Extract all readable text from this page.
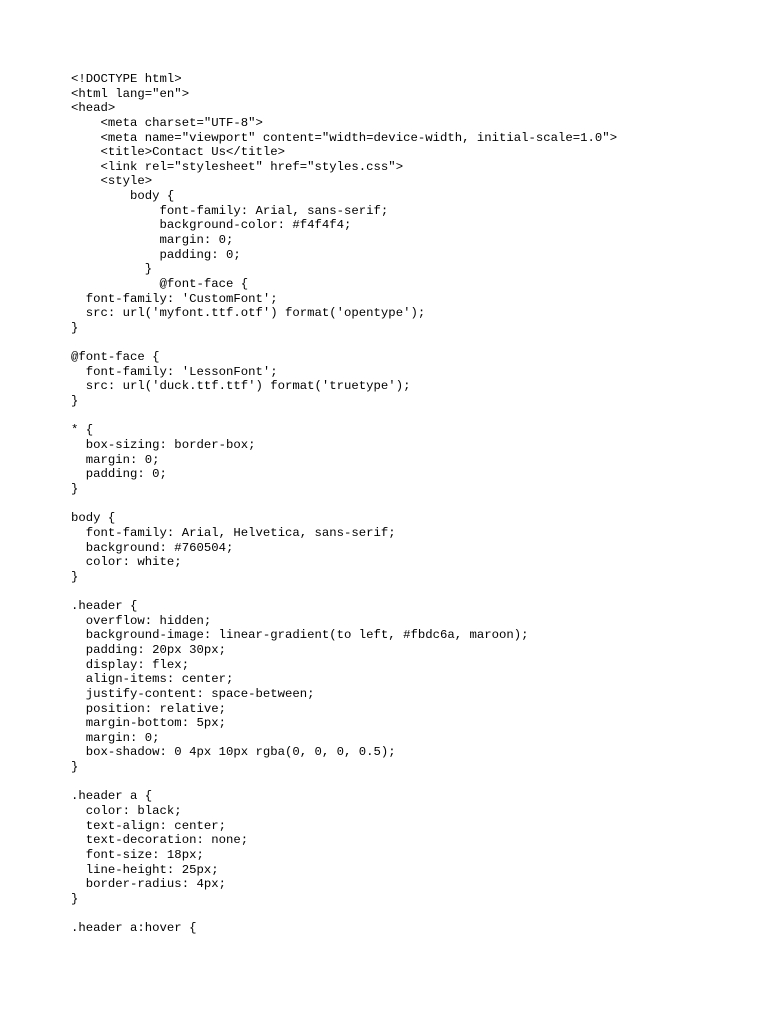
<!DOCTYPE html>
<html lang="en">
<head>
<meta charset="UTF-8">
<meta name="viewport" content="width=device-width, initial-scale=1.0">
<title>Contact Us</title>
<link rel="stylesheet" href="styles.css">
<style>
body {
font-family: Arial, sans-serif;
background-color: #f4f4f4;
margin: 0;
padding: 0;
}
@font-face {
font-family: 'CustomFont';
src: url('myfont.ttf.otf') format('opentype');
}
@font-face {
font-family: 'LessonFont';
src: url('duck.ttf.ttf') format('truetype');
}
* {
box-sizing: border-box;
margin: 0;
padding: 0;
}
body {
font-family: Arial, Helvetica, sans-serif;
background: #760504;
color: white;
}
.header {
overflow: hidden;
background-image: linear-gradient(to left, #fbdc6a, maroon);
padding: 20px 30px;
display: flex;
align-items: center;
justify-content: space-between;
position: relative;
margin-bottom: 5px;
margin: 0;
box-shadow: 0 4px 10px rgba(0, 0, 0, 0.5);
}
.header a {
color: black;
text-align: center;
text-decoration: none;
font-size: 18px;
line-height: 25px;
border-radius: 4px;
}
.header a:hover {
